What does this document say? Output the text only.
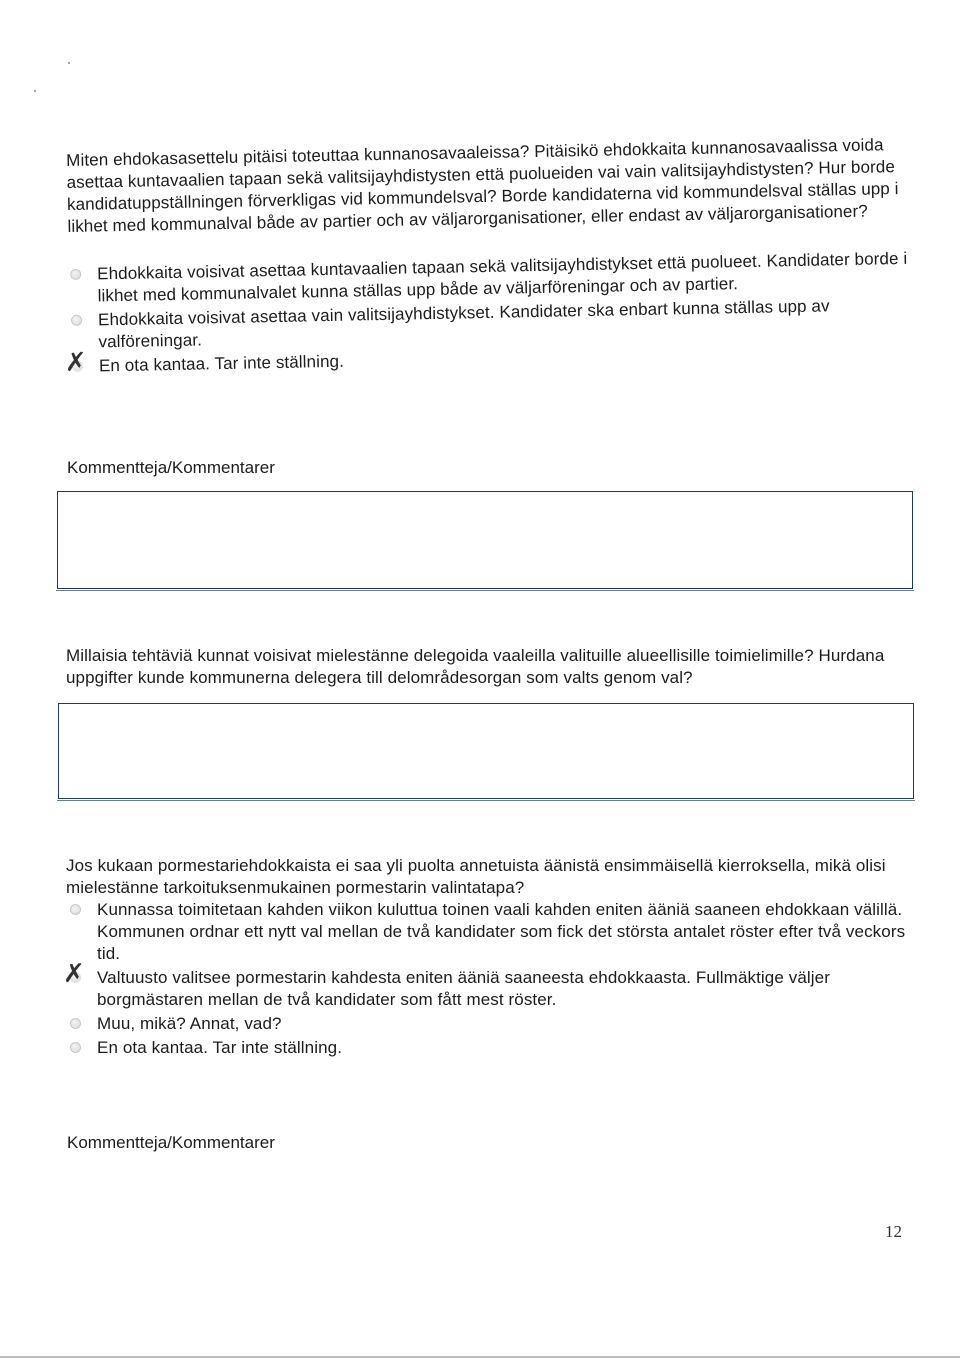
Miten ehdokasasettelu pitäisi toteuttaa kunnanosavaaleissa? Pitäisikö ehdokkaita kunnanosavaalissa voida asettaa kuntavaalien tapaan sekä valitsijayhdistysten että puolueiden vai vain valitsijayhdistysten? Hur borde kandidatuppställningen förverkligas vid kommundelsval? Borde kandidaterna vid kommundelsval ställas upp i likhet med kommunalval både av partier och av väljarorganisationer, eller endast av väljarorganisationer?
Ehdokkaita voisivat asettaa kuntavaalien tapaan sekä valitsijayhdistykset että puolueet. Kandidater borde i likhet med kommunalvalet kunna ställas upp både av väljarföreningar och av partier.
Ehdokkaita voisivat asettaa vain valitsijayhdistykset. Kandidater ska enbart kunna ställas upp av valföreningar.
✗ En ota kantaa. Tar inte ställning.
Kommentteja/Kommentarer
Millaisia tehtäviä kunnat voisivat mielestänne delegoida vaaleilla valituille alueellisille toimielimille? Hurdana uppgifter kunde kommunerna delegera till delområdesorgan som valts genom val?
Jos kukaan pormestariehdokkaista ei saa yli puolta annetuista äänistä ensimmäisellä kierroksella, mikä olisi mielestänne tarkoituksenmukainen pormestarin valintatapa?
Kunnassa toimitetaan kahden viikon kuluttua toinen vaali kahden eniten ääniä saaneen ehdokkaan välillä. Kommunen ordnar ett nytt val mellan de två kandidater som fick det största antalet röster efter två veckors tid.
✗ Valtuusto valitsee pormestarin kahdesta eniten ääniä saaneesta ehdokkaasta. Fullmäktige väljer borgmästaren mellan de två kandidater som fått mest röster.
Muu, mikä? Annat, vad?
En ota kantaa. Tar inte ställning.
Kommentteja/Kommentarer
12
